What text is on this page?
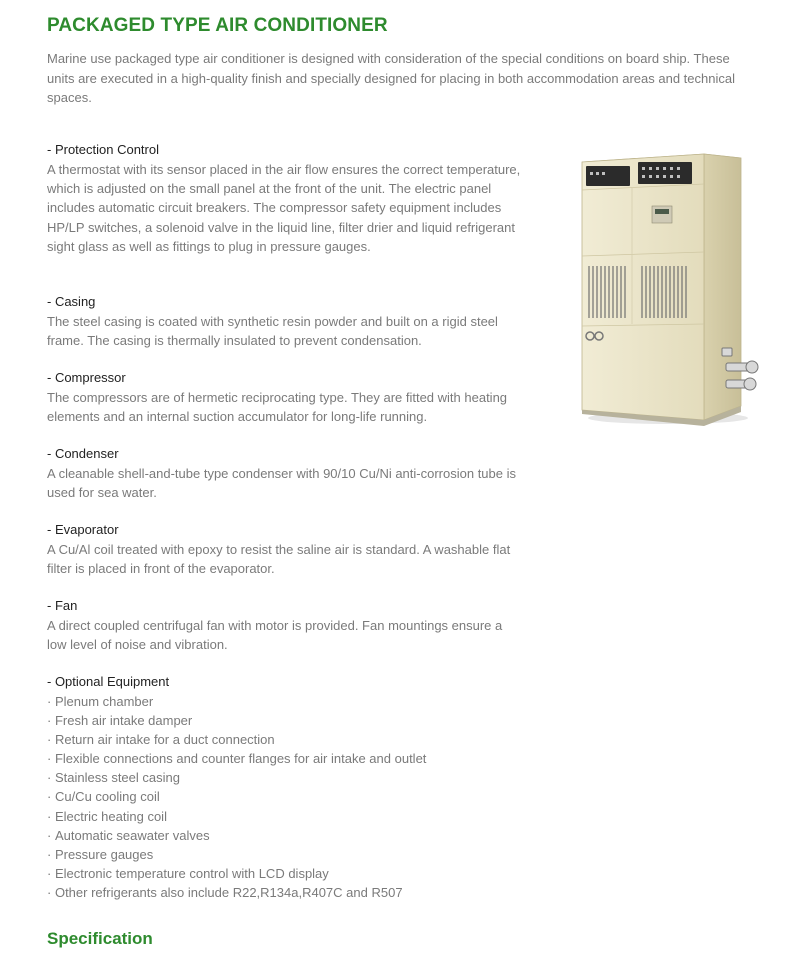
PACKAGED TYPE AIR CONDITIONER

Marine use packaged type air conditioner is designed with consideration of the special conditions on board ship. These units are executed in a high-quality finish and specially designed for placing in both accommodation areas and technical spaces.

- Protection Control

A thermostat with its sensor placed in the air flow ensures the correct temperature, which is adjusted on the small panel at the front of the unit. The electric panel includes automatic circuit breakers. The compressor safety equipment includes HP/LP switches, a solenoid valve in the liquid line, filter drier and liquid refrigerant sight glass as well as fittings to plug in pressure gauges.

- Casing

The steel casing is coated with synthetic resin powder and built on a rigid steel frame. The casing is thermally insulated to prevent condensation.

- Compressor

The compressors are of hermetic reciprocating type. They are fitted with heating elements and an internal suction accumulator for long-life running.

- Condenser

A cleanable shell-and-tube type condenser with 90/10 Cu/Ni anti-corrosion tube is used for sea water.

- Evaporator

A Cu/Al coil treated with epoxy to resist the saline air is standard. A washable flat filter is placed in front of the evaporator.

- Fan

A direct coupled centrifugal fan with motor is provided. Fan mountings ensure a low level of noise and vibration.

- Optional Equipment
· Plenum chamber
· Fresh air intake damper
· Return air intake for a duct connection
· Flexible connections and counter flanges for air intake and outlet
· Stainless steel casing
· Cu/Cu cooling coil
· Electric heating coil
· Automatic seawater valves
· Pressure gauges
· Electronic temperature control with LCD display
· Other refrigerants also include R22,R134a,R407C and R507
Specification
